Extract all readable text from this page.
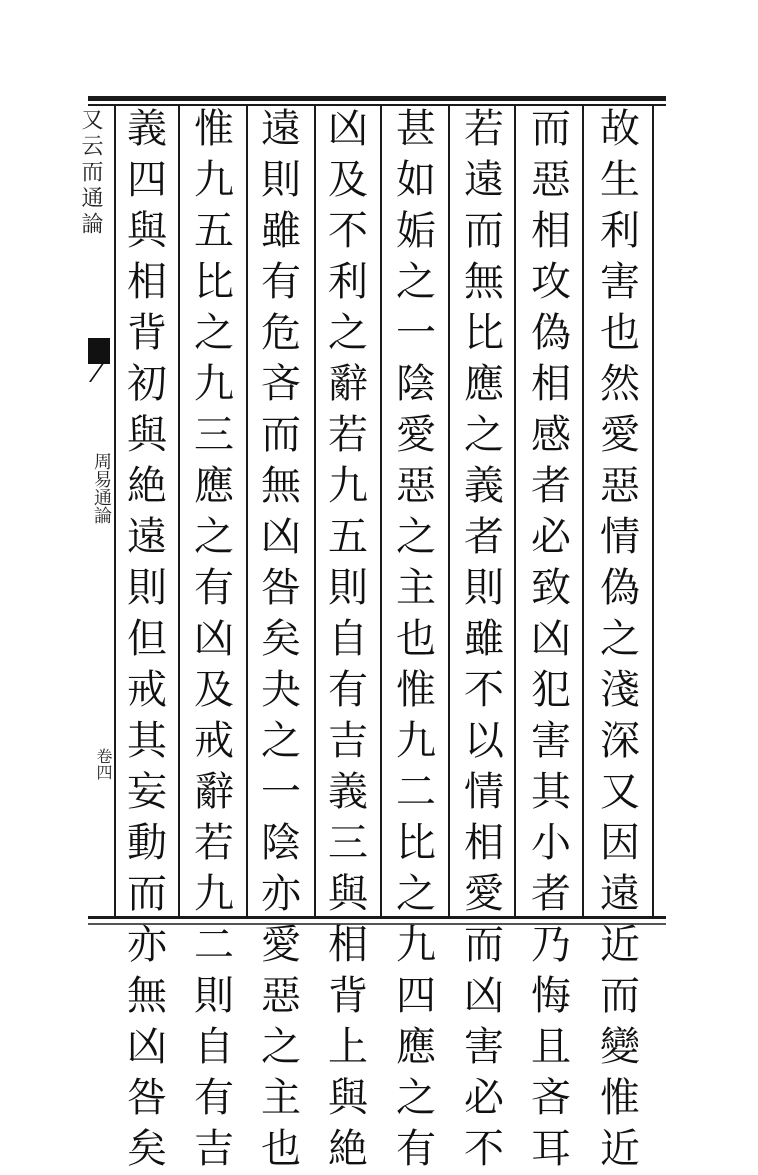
又云而通論
周易通論
卷四
故
生
利
害
也
然
愛
惡
情
偽
之
淺
深
又
因
遠
近
而
變
惟
近
而
惡
相
攻
偽
相
感
者
必
致
凶
犯
害
其
小
者
乃
悔
且
吝
耳
若
遠
而
無
比
應
之
義
者
則
雖
不
以
情
相
愛
而
凶
害
必
不
甚
如
姤
之
一
陰
愛
惡
之
主
也
惟
九
二
比
之
九
四
應
之
有
凶
及
不
利
之
辭
若
九
五
則
自
有
吉
義
三
與
相
背
上
與
絶
遠
則
雖
有
危
吝
而
無
凶
咎
矣
夬
之
一
陰
亦
愛
惡
之
主
也
惟
九
五
比
之
九
三
應
之
有
凶
及
戒
辭
若
九
二
則
自
有
吉
義
四
與
相
背
初
與
絶
遠
則
但
戒
其
妄
動
而
亦
無
凶
咎
矣
